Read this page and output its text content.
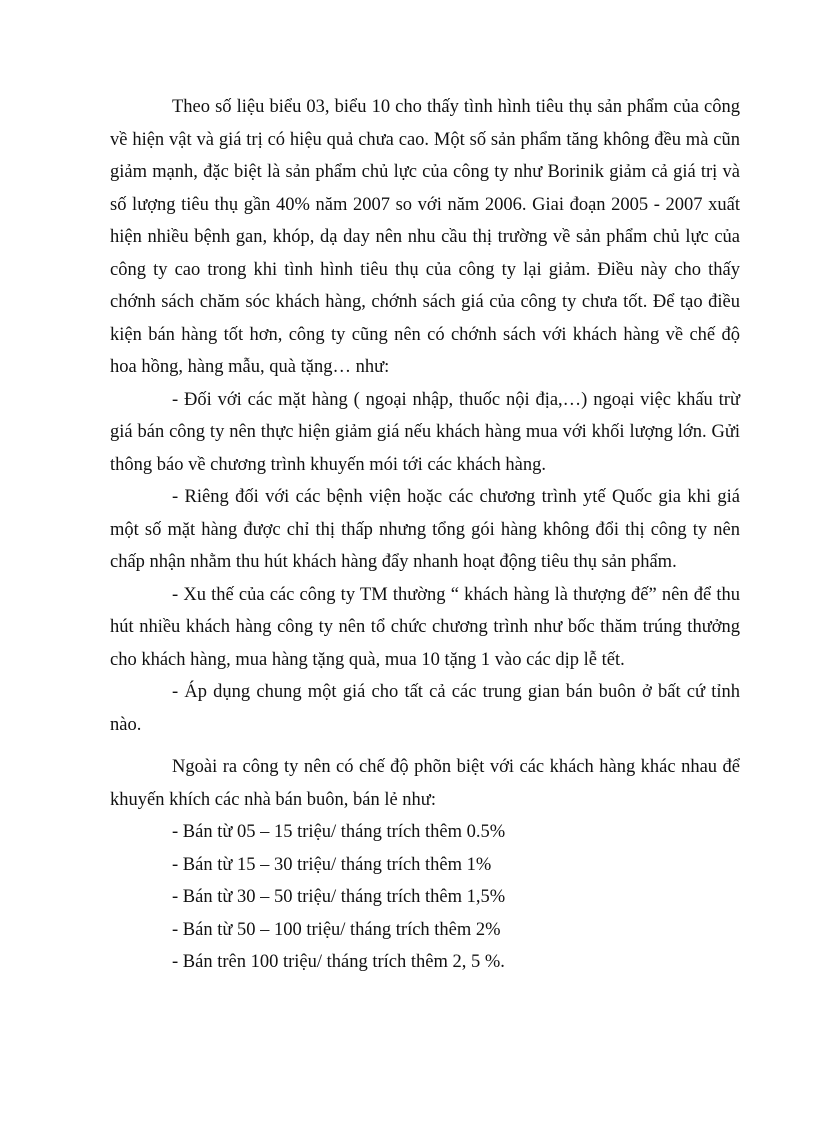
Theo số liệu biểu 03, biểu 10 cho thấy tình hình tiêu thụ sản phẩm của công về hiện vật và giá trị có hiệu quả chưa cao. Một số sản phẩm tăng không đều mà cũn giảm mạnh, đặc biệt là sản phẩm chủ lực của công ty như Borinik giảm cả giá trị và số lượng tiêu thụ gần 40% năm 2007 so với năm 2006. Giai đoạn 2005 - 2007 xuất hiện nhiều bệnh gan, khóp, dạ day nên nhu cầu thị trường về sản phẩm chủ lực của công ty cao trong khi tình hình tiêu thụ của công ty lại giảm. Điều này cho thấy chớnh sách chăm sóc khách hàng, chớnh sách giá của công ty chưa tốt. Để tạo điều kiện bán hàng tốt hơn, công ty cũng nên có chớnh sách với khách hàng về chế độ hoa hồng, hàng mẫu, quà tặng… như:

- Đối với các mặt hàng ( ngoại nhập, thuốc nội địa,…) ngoại việc khấu trừ giá bán công ty nên thực hiện giảm giá nếu khách hàng mua với khối lượng lớn. Gửi thông báo về chương trình khuyến mói tới các khách hàng.

- Riêng đối với các bệnh viện hoặc các chương trình ytế Quốc gia khi giá một số mặt hàng được chỉ thị thấp nhưng tổng gói hàng không đổi thị công ty nên chấp nhận nhằm thu hút khách hàng đẩy nhanh hoạt động tiêu thụ sản phẩm.

- Xu thế của các công ty TM thường “ khách hàng là thượng đế” nên để thu hút nhiều khách hàng công ty nên tổ chức chương trình như bốc thăm trúng thưởng cho khách hàng, mua hàng tặng quà, mua 10 tặng 1 vào các dịp lễ tết.

- Áp dụng chung một giá cho tất cả các trung gian bán buôn ở bất cứ tỉnh nào.

Ngoài ra công ty nên có chế độ phõn biệt với các khách hàng khác nhau để khuyến khích các nhà bán buôn, bán lẻ như:

- Bán từ 05 – 15 triệu/ tháng trích thêm 0.5%
- Bán từ 15 – 30 triệu/ tháng trích thêm 1%
- Bán từ 30 – 50 triệu/ tháng trích thêm 1,5%
- Bán từ 50 – 100 triệu/ tháng trích thêm 2%
- Bán trên 100 triệu/ tháng trích thêm 2, 5 %.
